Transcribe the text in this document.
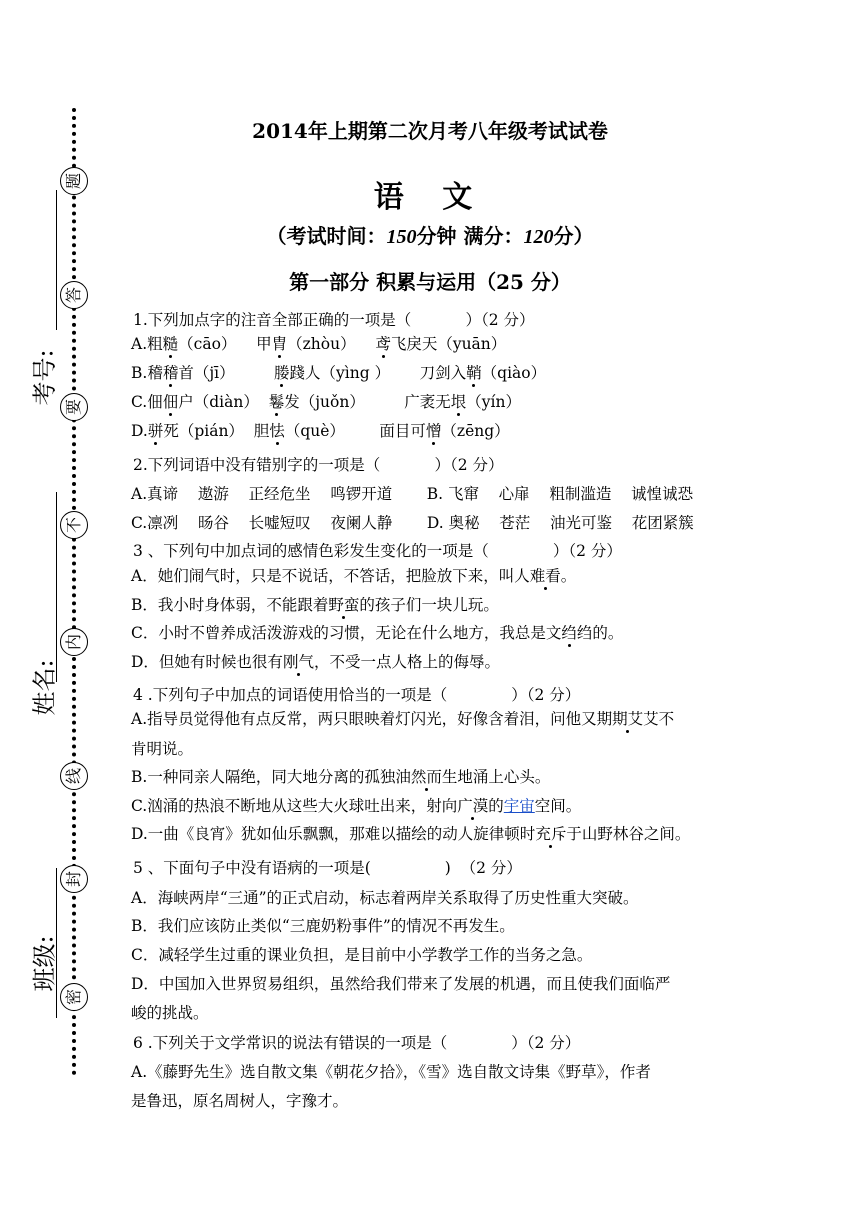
题
答
要
不
内
线
封
密
考号:
姓名:
班级:
2014年上期第二次月考八年级考试试卷
语 文
（考试时间：150分钟 满分：120分）
第一部分 积累与运用（25 分）
1.下列加点字的注音全部正确的一项是（           ）（2 分）
A.粗糙（cāo）    甲胄（zhòu）    鸢飞戾天（yuān）
B.稽稽首（jī）        媵踐人（yìng ）      刀剑入鞘（qiào）
C.佃佃户（diàn）  鬈发（juǒn）        广袤无垠（yín）
D.骈死（pián）  胆怯（què）       面目可憎（zēng）
2.下列词语中没有错别字的一项是（           ）（2 分）
A.真谛    遨游    正经危坐    鸣锣开道       B. 飞窜    心扉    粗制滥造    诚惶诚恐
C.凛冽    旸谷    长嘘短叹    夜阑人静       D. 奥秘    苍茫    油光可鉴    花团紧簇
3 、下列句中加点词的感情色彩发生变化的一项是（             ）（2 分）
A．她们闹气时，只是不说话，不答话，把脸放下来，叫人难看。
B．我小时身体弱，不能跟着野蛮的孩子们一块儿玩。
C．小时不曾养成活泼游戏的习惯，无论在什么地方，我总是文绉绉的。
D．但她有时候也很有刚气，不受一点人格上的侮辱。
4 .下列句子中加点的词语使用恰当的一项是（             ）（2 分）
A.指导员觉得他有点反常，两只眼映着灯闪光，好像含着泪，问他又期期艾艾不
肯明说。
B.一种同亲人隔绝，同大地分离的孤独油然而生地涌上心头。
C.汹涌的热浪不断地从这些大火球吐出来，射向广漠的宇宙空间。
D.一曲《良宵》犹如仙乐飘飘，那难以描绘的动人旋律顿时充斥于山野林谷之间。
5 、下面句子中没有语病的一项是(               )  （2 分）
A．海峡两岸“三通”的正式启动，标志着两岸关系取得了历史性重大突破。
B．我们应该防止类似“三鹿奶粉事件”的情况不再发生。
C．减轻学生过重的课业负担，是目前中小学教学工作的当务之急。
D．中国加入世界贸易组织，虽然给我们带来了发展的机遇，而且使我们面临严
峻的挑战。
6 .下列关于文学常识的说法有错误的一项是（             ）（2 分）
A.《藤野先生》选自散文集《朝花夕拾》，《雪》选自散文诗集《野草》，作者
是鲁迅，原名周树人，字豫才。
